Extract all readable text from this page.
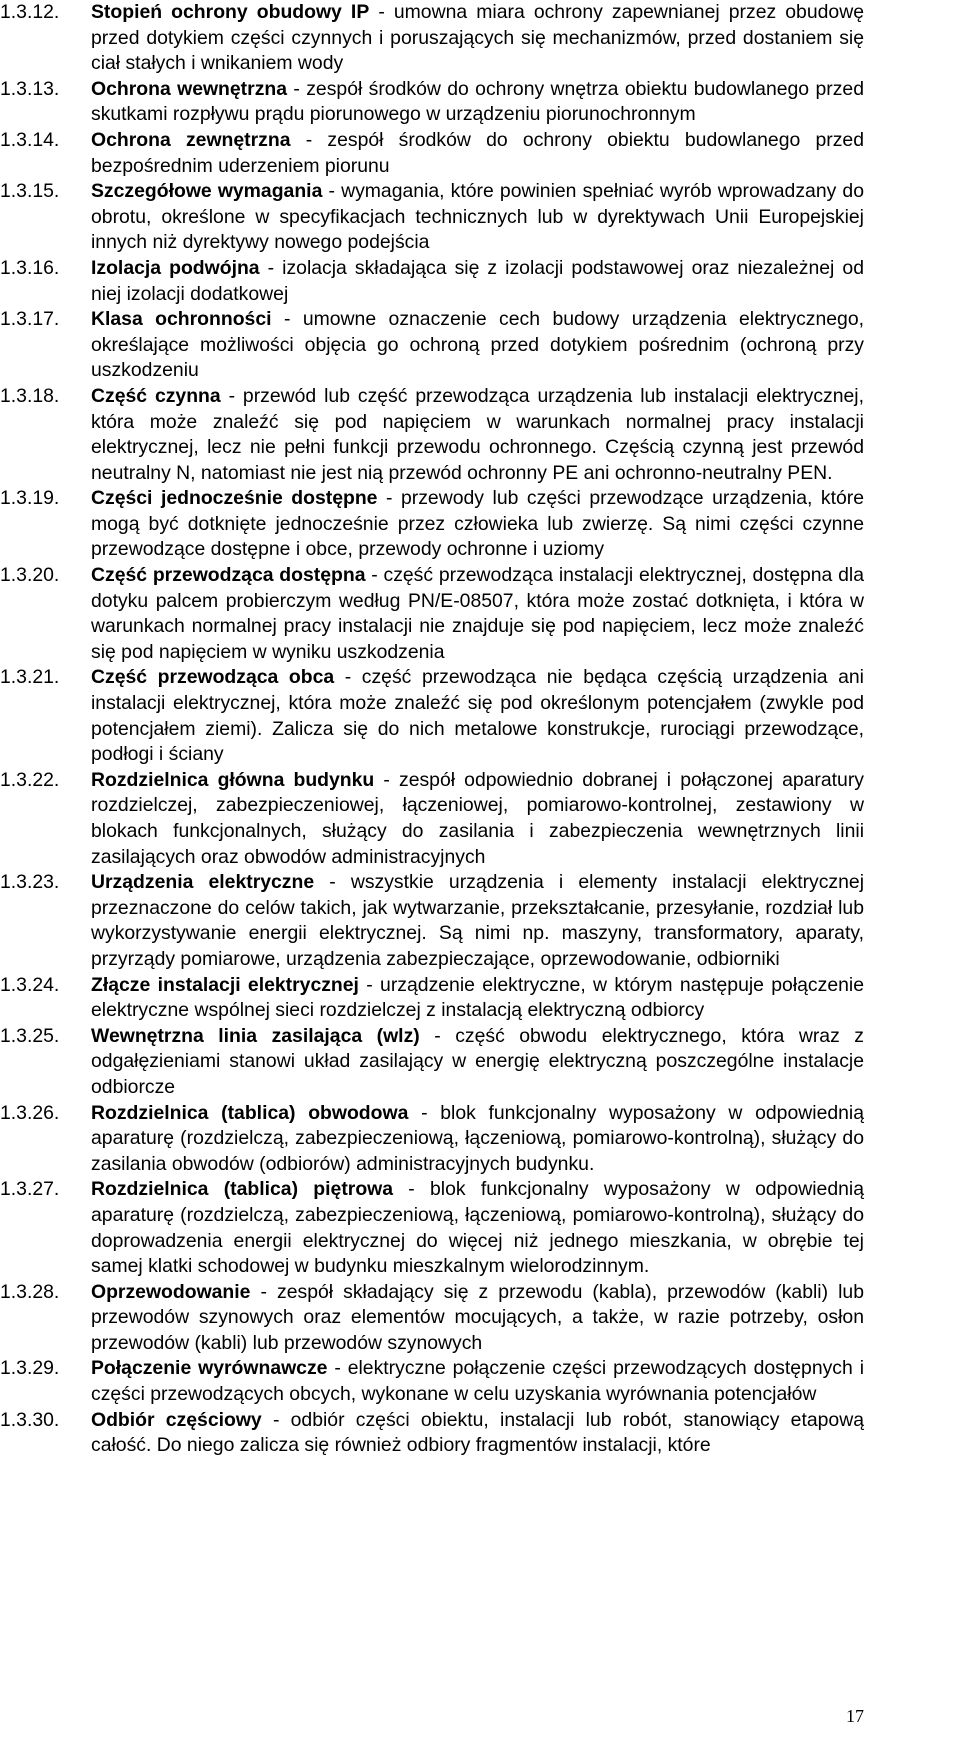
1.3.12. Stopień ochrony obudowy IP - umowna miara ochrony zapewnianej przez obudowę przed dotykiem części czynnych i poruszających się mechanizmów, przed dostaniem się ciał stałych i wnikaniem wody

1.3.13. Ochrona wewnętrzna - zespół środków do ochrony wnętrza obiektu budowlanego przed skutkami rozpływu prądu piorunowego w urządzeniu piorunochronnym

1.3.14. Ochrona zewnętrzna - zespół środków do ochrony obiektu budowlanego przed bezpośrednim uderzeniem piorunu

1.3.15. Szczegółowe wymagania - wymagania, które powinien spełniać wyrób wprowadzany do obrotu, określone w specyfikacjach technicznych lub w dyrektywach Unii Europejskiej innych niż dyrektywy nowego podejścia

1.3.16. Izolacja podwójna - izolacja składająca się z izolacji podstawowej oraz niezależnej od niej izolacji dodatkowej

1.3.17. Klasa ochronności - umowne oznaczenie cech budowy urządzenia elektrycznego, określające możliwości objęcia go ochroną przed dotykiem pośrednim (ochroną przy uszkodzeniu

1.3.18. Część czynna - przewód lub część przewodząca urządzenia lub instalacji elektrycznej, która może znaleźć się pod napięciem w warunkach normalnej pracy instalacji elektrycznej, lecz nie pełni funkcji przewodu ochronnego. Częścią czynną jest przewód neutralny N, natomiast nie jest nią przewód ochronny PE ani ochronno-neutralny PEN.

1.3.19. Części jednocześnie dostępne - przewody lub części przewodzące urządzenia, które mogą być dotknięte jednocześnie przez człowieka lub zwierzę. Są nimi części czynne przewodzące dostępne i obce, przewody ochronne i uziomy

1.3.20. Część przewodząca dostępna - część przewodząca instalacji elektrycznej, dostępna dla dotyku palcem probierczym według PN/E-08507, która może zostać dotknięta, i która w warunkach normalnej pracy instalacji nie znajduje się pod napięciem, lecz może znaleźć się pod napięciem w wyniku uszkodzenia

1.3.21. Część przewodząca obca - część przewodząca nie będąca częścią urządzenia ani instalacji elektrycznej, która może znaleźć się pod określonym potencjałem (zwykle pod potencjałem ziemi). Zalicza się do nich metalowe konstrukcje, rurociągi przewodzące, podłogi i ściany

1.3.22. Rozdzielnica główna budynku - zespół odpowiednio dobranej i połączonej aparatury rozdzielczej, zabezpieczeniowej, łączeniowej, pomiarowo-kontrolnej, zestawiony w blokach funkcjonalnych, służący do zasilania i zabezpieczenia wewnętrznych linii zasilających oraz obwodów administracyjnych

1.3.23. Urządzenia elektryczne - wszystkie urządzenia i elementy instalacji elektrycznej przeznaczone do celów takich, jak wytwarzanie, przekształcanie, przesyłanie, rozdział lub wykorzystywanie energii elektrycznej. Są nimi np. maszyny, transformatory, aparaty, przyrządy pomiarowe, urządzenia zabezpieczające, oprzewodowanie, odbiorniki

1.3.24. Złącze instalacji elektrycznej - urządzenie elektryczne, w którym następuje połączenie elektryczne wspólnej sieci rozdzielczej z instalacją elektryczną odbiorcy

1.3.25. Wewnętrzna linia zasilająca (wlz) - część obwodu elektrycznego, która wraz z odgałęzieniami stanowi układ zasilający w energię elektryczną poszczególne instalacje odbiorcze

1.3.26. Rozdzielnica (tablica) obwodowa - blok funkcjonalny wyposażony w odpowiednią aparaturę (rozdzielczą, zabezpieczeniową, łączeniową, pomiarowo-kontrolną), służący do zasilania obwodów (odbiorów) administracyjnych budynku.

1.3.27. Rozdzielnica (tablica) piętrowa - blok funkcjonalny wyposażony w odpowiednią aparaturę (rozdzielczą, zabezpieczeniową, łączeniową, pomiarowo-kontrolną), służący do doprowadzenia energii elektrycznej do więcej niż jednego mieszkania, w obrębie tej samej klatki schodowej w budynku mieszkalnym wielorodzinnym.

1.3.28. Oprzewodowanie - zespół składający się z przewodu (kabla), przewodów (kabli) lub przewodów szynowych oraz elementów mocujących, a także, w razie potrzeby, osłon przewodów (kabli) lub przewodów szynowych

1.3.29. Połączenie wyrównawcze - elektryczne połączenie części przewodzących dostępnych i części przewodzących obcych, wykonane w celu uzyskania wyrównania potencjałów

1.3.30. Odbiór częściowy - odbiór części obiektu, instalacji lub robót, stanowiący etapową całość. Do niego zalicza się również odbiory fragmentów instalacji, które

17
